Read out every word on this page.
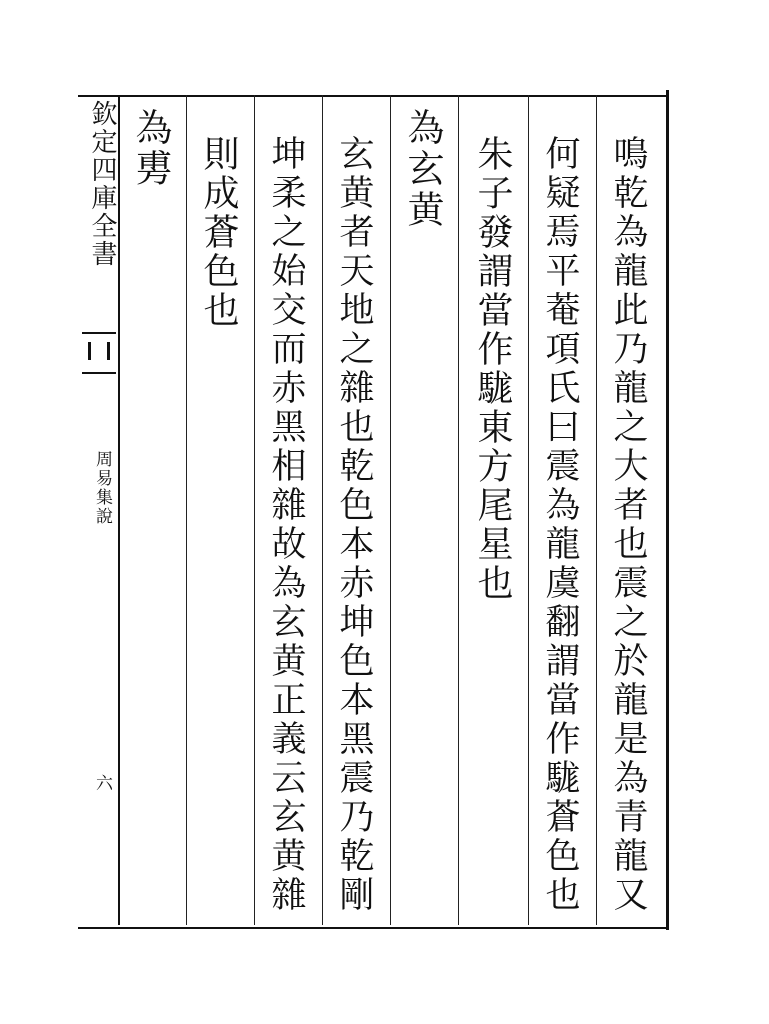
欽定四庫全書
周易集說
六	鳴乾為龍此乃龍之大者也震之於龍是為青龍又
何疑焉平菴項氏曰震為龍虞翻謂當作駹蒼色也
朱子發謂當作駹東方尾星也
為玄黄
玄黄者天地之雜也乾色本赤坤色本黑震乃乾剛
坤柔之始交而赤黑相雜故為玄黄正義云玄黄雜
則成蒼色也
為旉
